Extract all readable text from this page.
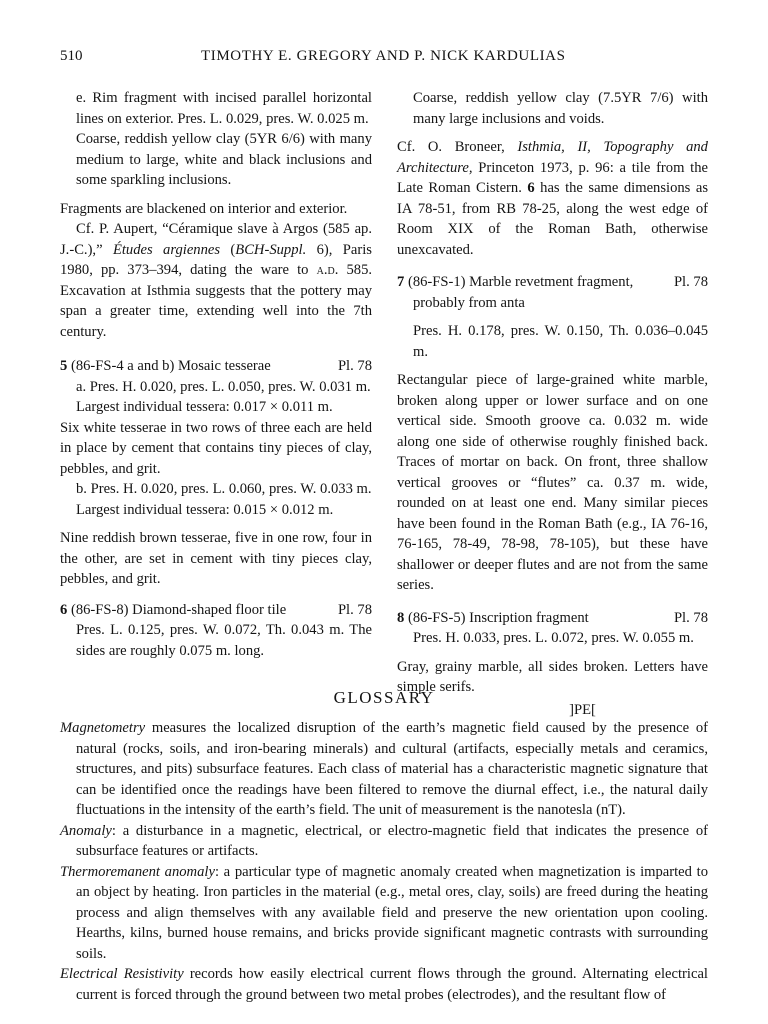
510	TIMOTHY E. GREGORY AND P. NICK KARDULIAS

e. Rim fragment with incised parallel horizontal lines on exterior. Pres. L. 0.029, pres. W. 0.025 m.

Coarse, reddish yellow clay (5YR 6/6) with many medium to large, white and black inclusions and some sparkling inclusions.

Fragments are blackened on interior and exterior.

Cf. P. Aupert, “Céramique slave à Argos (585 ap. J.-C.),” Études argiennes (BCH-Suppl. 6), Paris 1980, pp. 373–394, dating the ware to a.d. 585. Excavation at Isthmia suggests that the pottery may span a greater time, extending well into the 7th century.

5 (86-FS-4 a and b) Mosaic tesserae	Pl. 78

a. Pres. H. 0.020, pres. L. 0.050, pres. W. 0.031 m.

Largest individual tessera: 0.017 × 0.011 m.

Six white tesserae in two rows of three each are held in place by cement that contains tiny pieces of clay, pebbles, and grit.

b. Pres. H. 0.020, pres. L. 0.060, pres. W. 0.033 m.

Largest individual tessera: 0.015 × 0.012 m.

Nine reddish brown tesserae, five in one row, four in the other, are set in cement with tiny pieces clay, pebbles, and grit.

6 (86-FS-8) Diamond-shaped floor tile	Pl. 78

Pres. L. 0.125, pres. W. 0.072, Th. 0.043 m. The sides are roughly 0.075 m. long.

Coarse, reddish yellow clay (7.5YR 7/6) with many large inclusions and voids.

Cf. O. Broneer, Isthmia, II, Topography and Architecture, Princeton 1973, p. 96: a tile from the Late Roman Cistern. 6 has the same dimensions as IA 78-51, from RB 78-25, along the west edge of Room XIX of the Roman Bath, otherwise unexcavated.

7 (86-FS-1) Marble revetment fragment, probably from anta
Pl. 78

Pres. H. 0.178, pres. W. 0.150, Th. 0.036–0.045 m.

Rectangular piece of large-grained white marble, broken along upper or lower surface and on one vertical side. Smooth groove ca. 0.032 m. wide along one side of otherwise roughly finished back. Traces of mortar on back. On front, three shallow vertical grooves or “flutes” ca. 0.37 m. wide, rounded on at least one end. Many similar pieces have been found in the Roman Bath (e.g., IA 76-16, 76-165, 78-49, 78-98, 78-105), but these have shallower or deeper flutes and are not from the same series.

8 (86-FS-5) Inscription fragment	Pl. 78

Pres. H. 0.033, pres. L. 0.072, pres. W. 0.055 m.

Gray, grainy marble, all sides broken. Letters have simple serifs.

]PE[
GLOSSARY

Magnetometry measures the localized disruption of the earth’s magnetic field caused by the presence of natural (rocks, soils, and iron-bearing minerals) and cultural (artifacts, especially metals and ceramics, structures, and pits) subsurface features. Each class of material has a characteristic magnetic signature that can be identified once the readings have been filtered to remove the diurnal effect, i.e., the natural daily fluctuations in the intensity of the earth’s field. The unit of measurement is the nanotesla (nT).

Anomaly: a disturbance in a magnetic, electrical, or electro-magnetic field that indicates the presence of subsurface features or artifacts.

Thermoremanent anomaly: a particular type of magnetic anomaly created when magnetization is imparted to an object by heating. Iron particles in the material (e.g., metal ores, clay, soils) are freed during the heating process and align themselves with any available field and preserve the new orientation upon cooling. Hearths, kilns, burned house remains, and bricks provide significant magnetic contrasts with surrounding soils.

Electrical Resistivity records how easily electrical current flows through the ground. Alternating electrical current is forced through the ground between two metal probes (electrodes), and the resultant flow of
